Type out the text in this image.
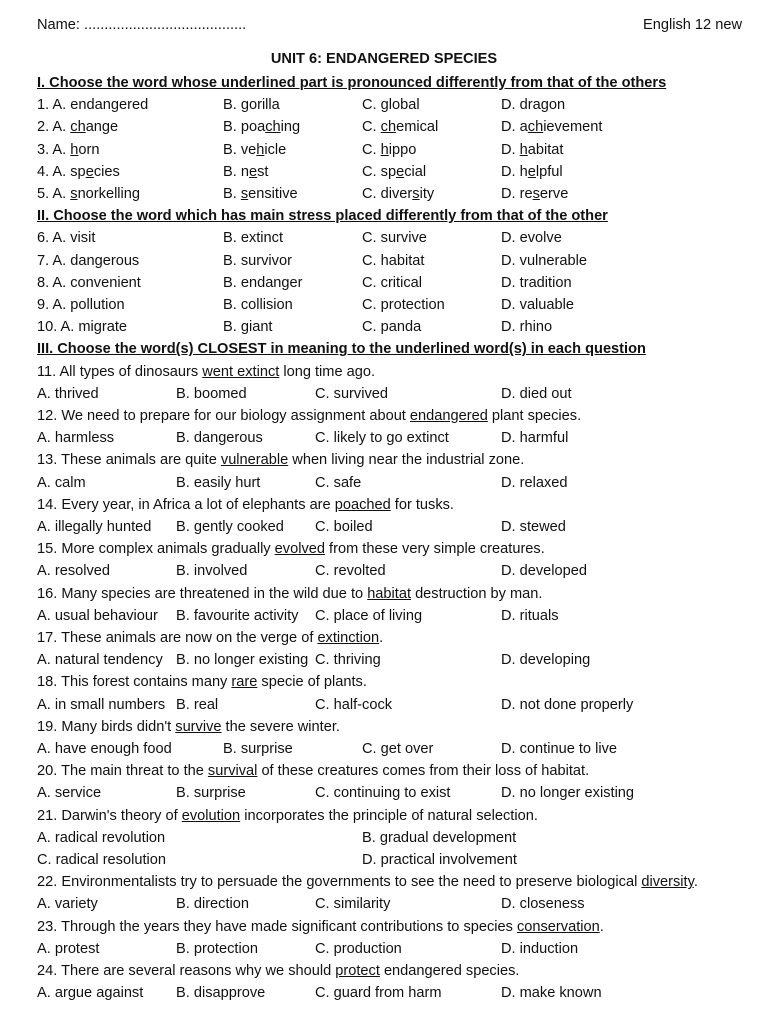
Name: ........................................	English 12 new
UNIT 6: ENDANGERED SPECIES
I. Choose the word whose underlined part is pronounced differently from that of the others
1. A. endangered	B. gorilla	C. global	D. dragon
2. A. change	B. poaching	C. chemical	D. achievement
3. A. horn	B. vehicle	C. hippo	D. habitat
4. A. species	B. nest	C. special	D. helpful
5. A. snorkelling	B. sensitive	C. diversity	D. reserve
II. Choose the word which has main stress placed differently from that of the other
6. A. visit	B. extinct	C. survive	D. evolve
7. A. dangerous	B. survivor	C. habitat	D. vulnerable
8. A. convenient	B. endanger	C. critical	D. tradition
9. A. pollution	B. collision	C. protection	D. valuable
10. A. migrate	B. giant	C. panda	D. rhino
III. Choose the word(s) CLOSEST in meaning to the underlined word(s) in each question
11. All types of dinosaurs went extinct long time ago.
A. thrived	B. boomed	C. survived	D. died out
12. We need to prepare for our biology assignment about endangered plant species.
A. harmless	B. dangerous	C. likely to go extinct	D. harmful
13. These animals are quite vulnerable when living near the industrial zone.
A. calm	B. easily hurt	C. safe	D. relaxed
14. Every year, in Africa a lot of elephants are poached for tusks.
A. illegally hunted B. gently cooked C. boiled	D. stewed
15. More complex animals gradually evolved from these very simple creatures.
A. resolved	B. involved	C. revolted	D. developed
16. Many species are threatened in the wild due to habitat destruction by man.
A. usual behaviour B. favourite activity C. place of living	D. rituals
17. These animals are now on the verge of extinction.
A. natural tendency B. no longer existing C. thriving	D. developing
18. This forest contains many rare specie of plants.
A. in small numbers B. real	C. half-cock	D. not done properly
19. Many birds didn't survive the severe winter.
A. have enough food	B. surprise	C. get over	D. continue to live
20. The main threat to the survival of these creatures comes from their loss of habitat.
A. service	B. surprise	C. continuing to exist	D. no longer existing
21. Darwin's theory of evolution incorporates the principle of natural selection.
A. radical revolution	B. gradual development
C. radical resolution	D. practical involvement
22. Environmentalists try to persuade the governments to see the need to preserve biological diversity.
A. variety	B. direction	C. similarity	D. closeness
23. Through the years they have made significant contributions to species conservation.
A. protest	B. protection	C. production	D. induction
24. There are several reasons why we should protect endangered species.
A. argue against B. disapprove	C. guard from harm	D. make known
